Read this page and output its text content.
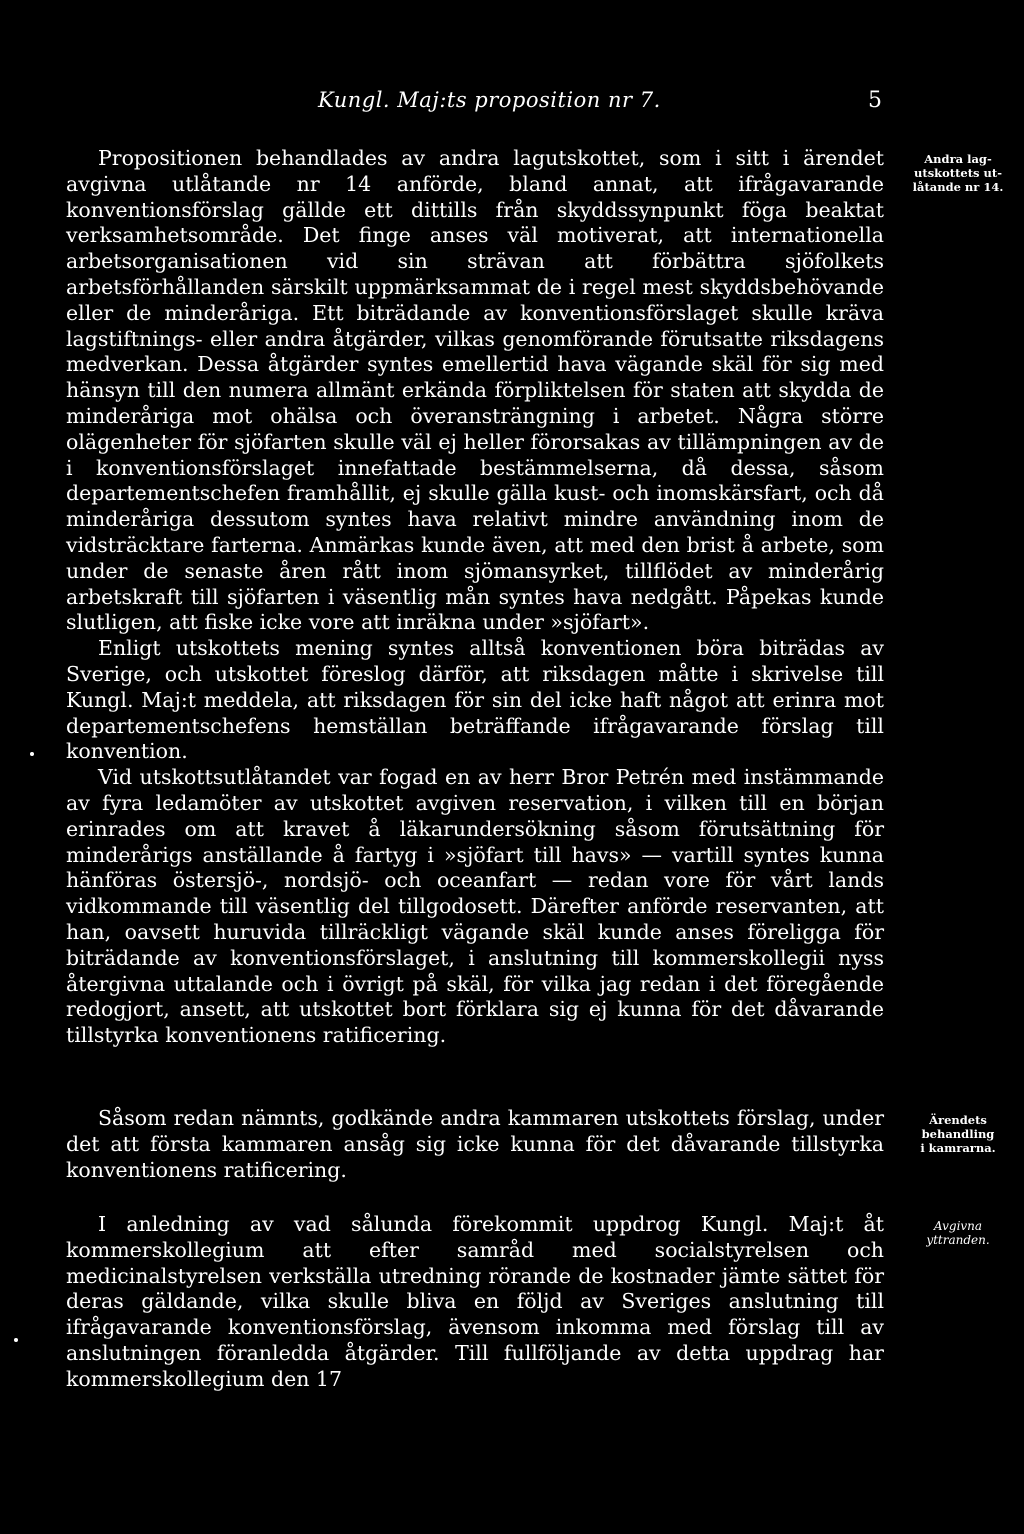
Kungl. Maj:ts proposition nr 7.	5

Propositionen behandlades av andra lagutskottet, som i sitt i ärendet avgivna utlåtande nr 14 anförde, bland annat, att ifrågavarande konventionsförslag gällde ett dittills från skyddssynpunkt föga beaktat verksamhetsområde. Det finge anses väl motiverat, att internationella arbetsorganisationen vid sin strävan att förbättra sjöfolkets arbetsförhållanden särskilt uppmärksammat de i regel mest skyddsbehövande eller de minderåriga. Ett biträdande av konventionsförslaget skulle kräva lagstiftnings- eller andra åtgärder, vilkas genomförande förutsatte riksdagens medverkan. Dessa åtgärder syntes emellertid hava vägande skäl för sig med hänsyn till den numera allmänt erkända förpliktelsen för staten att skydda de minderåriga mot ohälsa och överansträngning i arbetet. Några större olägenheter för sjöfarten skulle väl ej heller förorsakas av tillämpningen av de i konventionsförslaget innefattade bestämmelserna, då dessa, såsom departementschefen framhållit, ej skulle gälla kust- och inomskärsfart, och då minderåriga dessutom syntes hava relativt mindre användning inom de vidsträcktare farterna. Anmärkas kunde även, att med den brist å arbete, som under de senaste åren rått inom sjömansyrket, tillflödet av minderårig arbetskraft till sjöfarten i väsentlig mån syntes hava nedgått. Påpekas kunde slutligen, att fiske icke vore att inräkna under »sjöfart».

Enligt utskottets mening syntes alltså konventionen böra biträdas av Sverige, och utskottet föreslog därför, att riksdagen måtte i skrivelse till Kungl. Maj:t meddela, att riksdagen för sin del icke haft något att erinra mot departementschefens hemställan beträffande ifrågavarande förslag till konvention.

Vid utskottsutlåtandet var fogad en av herr Bror Petrén med instämmande av fyra ledamöter av utskottet avgiven reservation, i vilken till en början erinrades om att kravet å läkarundersökning såsom förutsättning för minderårigs anställande å fartyg i »sjöfart till havs» — vartill syntes kunna hänföras östersjö-, nordsjö- och oceanfart — redan vore för vårt lands vidkommande till väsentlig del tillgodosett. Därefter anförde reservanten, att han, oavsett huruvida tillräckligt vägande skäl kunde anses föreligga för biträdande av konventionsförslaget, i anslutning till kommerskollegii nyss återgivna uttalande och i övrigt på skäl, för vilka jag redan i det föregående redogjort, ansett, att utskottet bort förklara sig ej kunna för det dåvarande tillstyrka konventionens ratificering.

Andra lag-
utskottets ut-
låtande nr 14.

Såsom redan nämnts, godkände andra kammaren utskottets förslag, under det att första kammaren ansåg sig icke kunna för det dåvarande tillstyrka konventionens ratificering.

Ärendets
behandling
i kamrarna.

I anledning av vad sålunda förekommit uppdrog Kungl. Maj:t åt kommerskollegium att efter samråd med socialstyrelsen och medicinalstyrelsen verkställa utredning rörande de kostnader jämte sättet för deras gäldande, vilka skulle bliva en följd av Sveriges anslutning till ifrågavarande konventionsförslag, ävensom inkomma med förslag till av anslutningen föranledda åtgärder. Till fullföljande av detta uppdrag har kommerskollegium den 17

Avgivna
yttranden.
